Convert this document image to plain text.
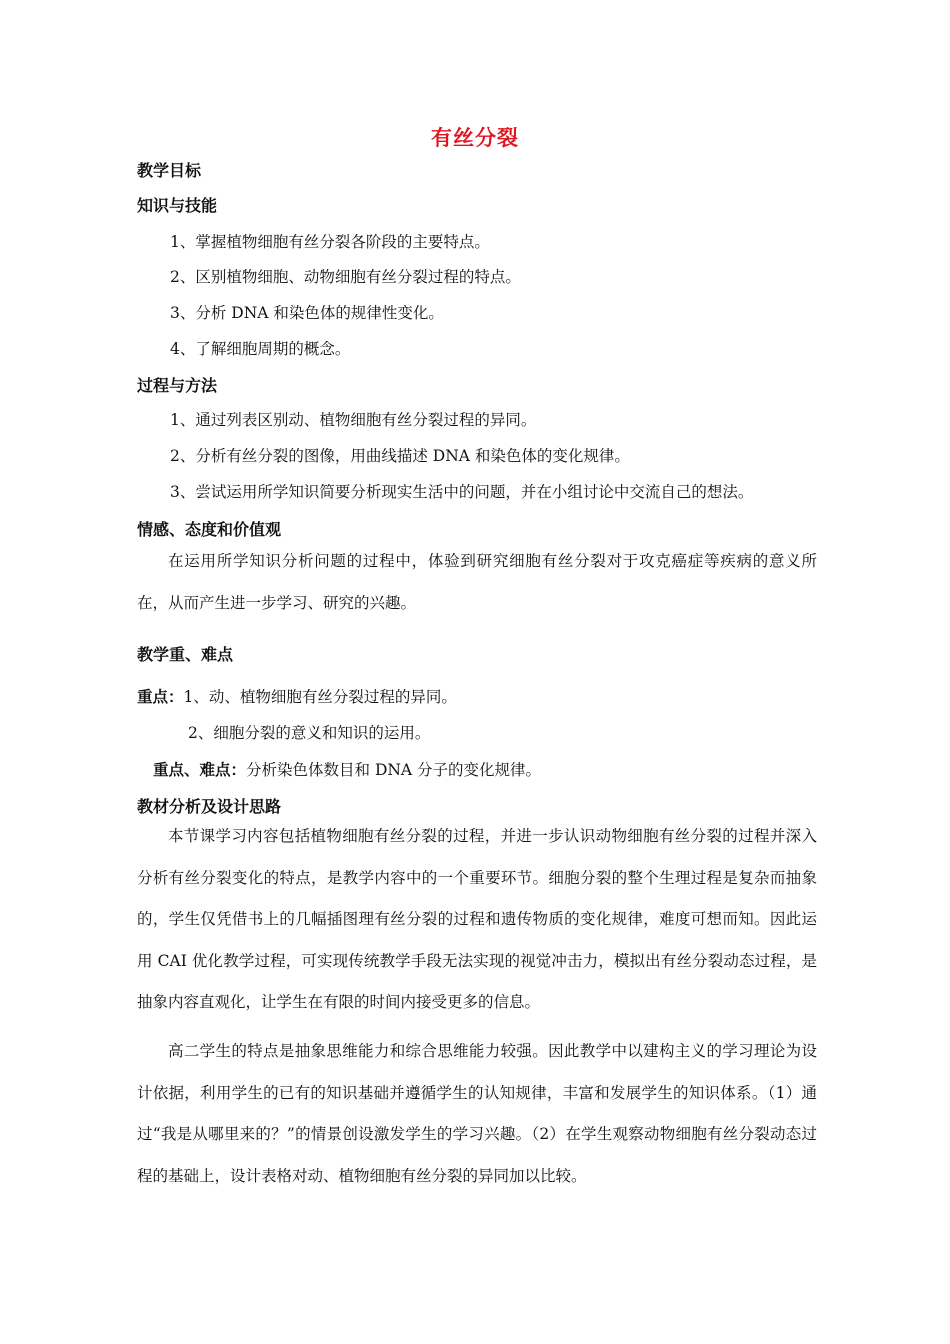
有丝分裂
教学目标
知识与技能
1、掌握植物细胞有丝分裂各阶段的主要特点。
2、区别植物细胞、动物细胞有丝分裂过程的特点。
3、分析 DNA 和染色体的规律性变化。
4、了解细胞周期的概念。
过程与方法
1、通过列表区别动、植物细胞有丝分裂过程的异同。
2、分析有丝分裂的图像，用曲线描述 DNA 和染色体的变化规律。
3、尝试运用所学知识简要分析现实生活中的问题，并在小组讨论中交流自己的想法。
情感、态度和价值观
在运用所学知识分析问题的过程中，体验到研究细胞有丝分裂对于攻克癌症等疾病的意义所在，从而产生进一步学习、研究的兴趣。
教学重、难点
重点：1、动、植物细胞有丝分裂过程的异同。
2、细胞分裂的意义和知识的运用。
重点、难点：分析染色体数目和 DNA 分子的变化规律。
教材分析及设计思路
本节课学习内容包括植物细胞有丝分裂的过程，并进一步认识动物细胞有丝分裂的过程并深入分析有丝分裂变化的特点，是教学内容中的一个重要环节。细胞分裂的整个生理过程是复杂而抽象的，学生仅凭借书上的几幅插图理有丝分裂的过程和遗传物质的变化规律，难度可想而知。因此运用 CAI 优化教学过程，可实现传统教学手段无法实现的视觉冲击力，模拟出有丝分裂动态过程，是抽象内容直观化，让学生在有限的时间内接受更多的信息。
高二学生的特点是抽象思维能力和综合思维能力较强。因此教学中以建构主义的学习理论为设计依据，利用学生的已有的知识基础并遵循学生的认知规律，丰富和发展学生的知识体系。（1）通过“我是从哪里来的？”的情景创设激发学生的学习兴趣。（2）在学生观察动物细胞有丝分裂动态过程的基础上，设计表格对动、植物细胞有丝分裂的异同加以比较。
